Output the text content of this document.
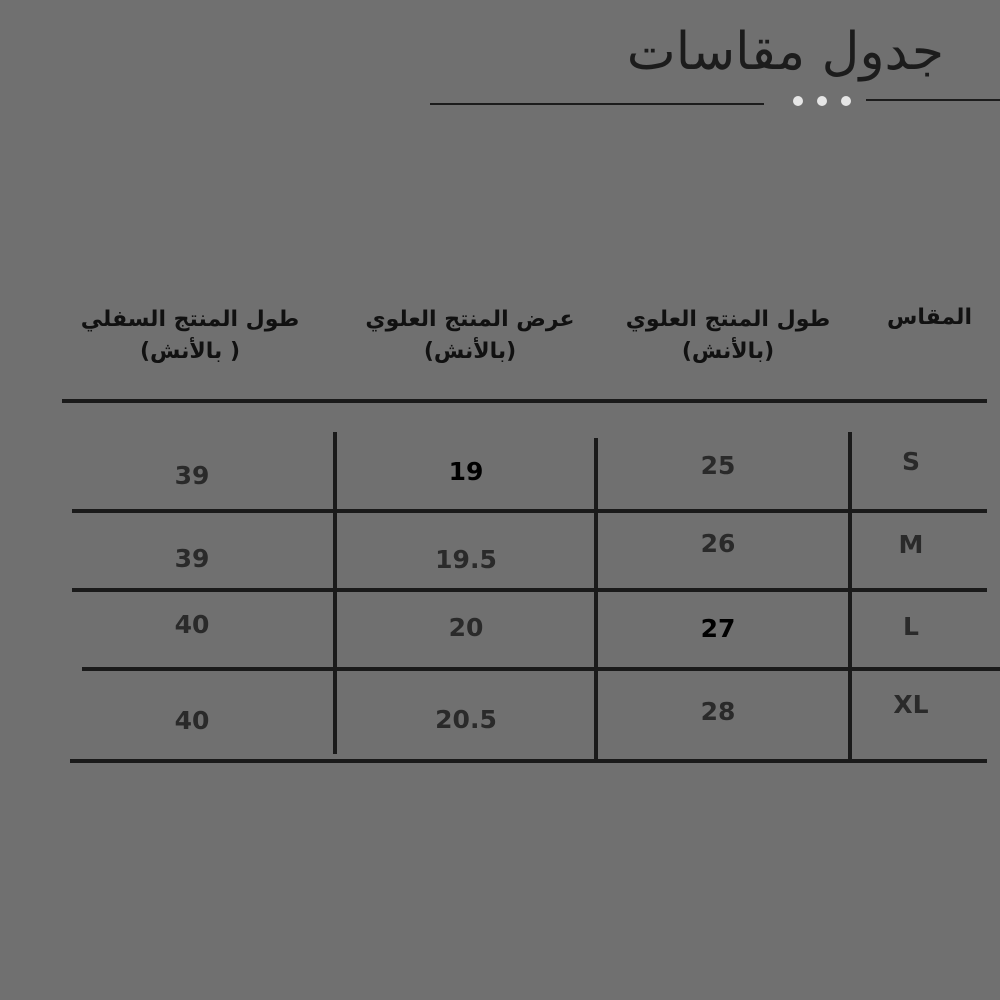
جدول مقاسات
المقاس
طول المنتج العلوي
(بالأنش)
عرض المنتج العلوي
(بالأنش)
طول المنتج السفلي
( بالأنش)
S
25
19
39
M
26
19.5
39
L
27
20
40
XL
28
20.5
40
